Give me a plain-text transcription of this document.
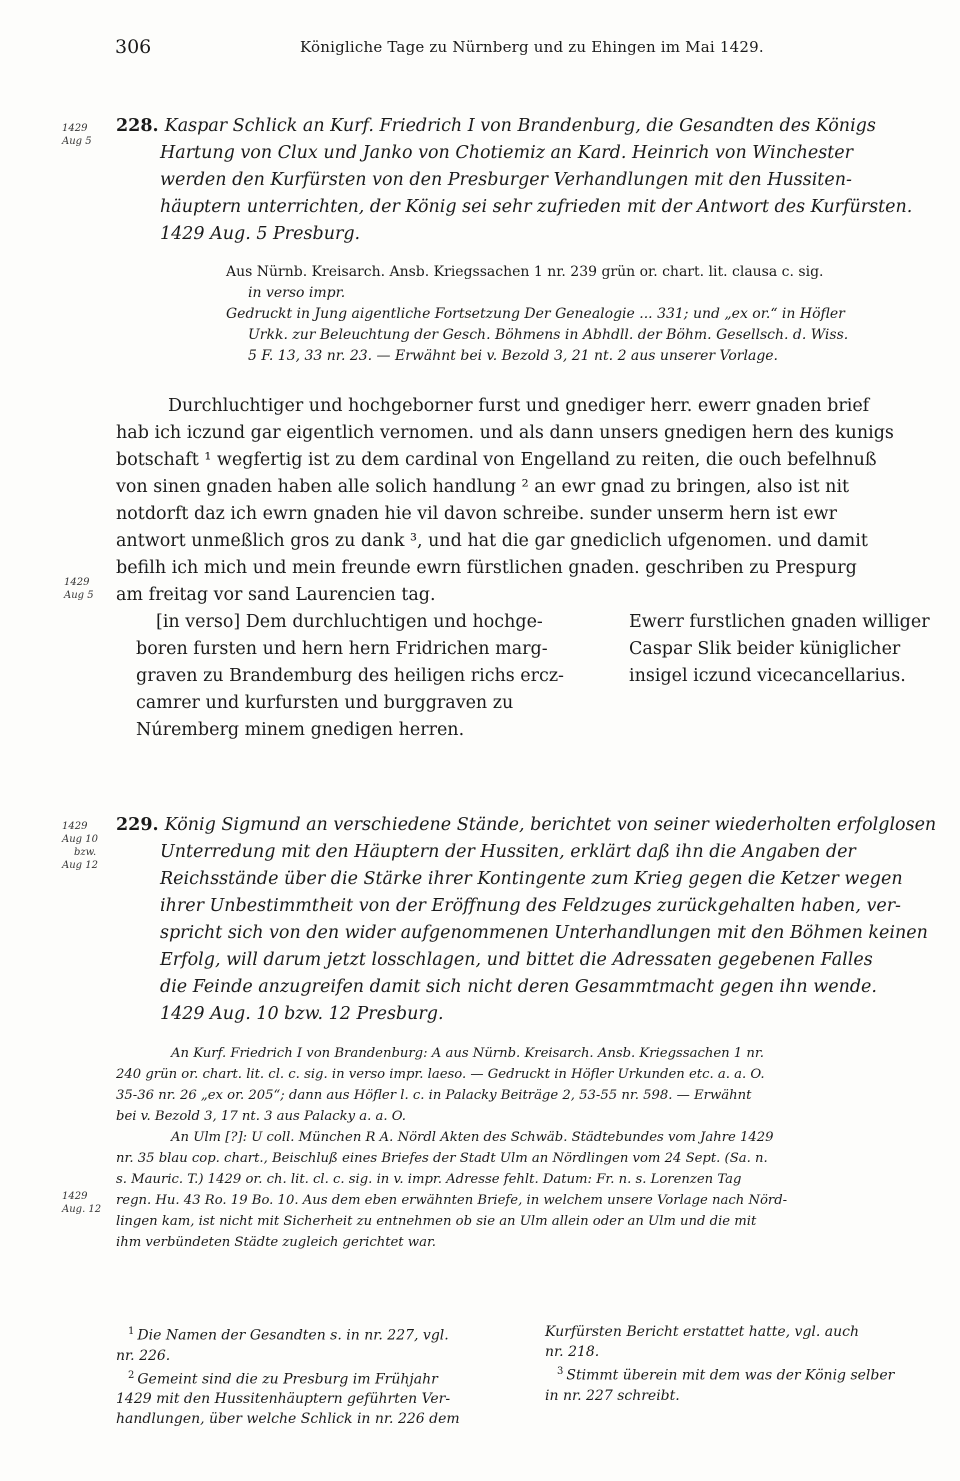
306	Königliche Tage zu Nürnberg und zu Ehingen im Mai 1429.
1429
Aug 5
228. Kaspar Schlick an Kurf. Friedrich I von Brandenburg, die Gesandten des Königs
Hartung von Clux und Janko von Chotiemiz an Kard. Heinrich von Winchester
werden den Kurfürsten von den Presburger Verhandlungen mit den Hussiten-
häuptern unterrichten, der König sei sehr zufrieden mit der Antwort des Kurfürsten.
1429 Aug. 5 Presburg.
Aus Nürnb. Kreisarch. Ansb. Kriegssachen 1 nr. 239 grün or. chart. lit. clausa c. sig.
in verso impr.
Gedruckt in Jung aigentliche Fortsetzung Der Genealogie ... 331; und „ex or.“ in Höfler
Urkk. zur Beleuchtung der Gesch. Böhmens in Abhdll. der Böhm. Gesellsch. d. Wiss.
5 F. 13, 33 nr. 23. — Erwähnt bei v. Bezold 3, 21 nt. 2 aus unserer Vorlage.
Durchluchtiger und hochgeborner furst und gnediger herr. ewerr gnaden brief
hab ich iczund gar eigentlich vernomen. und als dann unsers gnedigen hern des kunigs
botschaft ¹ wegfertig ist zu dem cardinal von Engelland zu reiten, die ouch befelhnuß
von sinen gnaden haben alle solich handlung ² an ewr gnad zu bringen, also ist nit
notdorft daz ich ewrn gnaden hie vil davon schreibe. sunder unserm hern ist ewr
antwort unmeßlich gros zu dank ³, und hat die gar gnediclich ufgenomen. und damit
befilh ich mich und mein freunde ewrn fürstlichen gnaden. geschriben zu Prespurg
am freitag vor sand Laurencien tag.
1429
Aug 5
[in verso] Dem durchluchtigen und hochge-
boren fursten und hern hern Fridrichen marg-
graven zu Brandemburg des heiligen richs ercz-
camrer und kurfursten und burggraven zu
Núremberg minem gnedigen herren.
Ewerr furstlichen gnaden williger
Caspar Slik beider küniglicher
insigel iczund vicecancellarius.
1429
Aug 10
bzw.
Aug 12
229. König Sigmund an verschiedene Stände, berichtet von seiner wiederholten erfolglosen
Unterredung mit den Häuptern der Hussiten, erklärt daß ihn die Angaben der
Reichsstände über die Stärke ihrer Kontingente zum Krieg gegen die Ketzer wegen
ihrer Unbestimmtheit von der Eröffnung des Feldzuges zurückgehalten haben, ver-
spricht sich von den wider aufgenommenen Unterhandlungen mit den Böhmen keinen
Erfolg, will darum jetzt losschlagen, und bittet die Adressaten gegebenen Falles
die Feinde anzugreifen damit sich nicht deren Gesammtmacht gegen ihn wende.
1429 Aug. 10 bzw. 12 Presburg.
An Kurf. Friedrich I von Brandenburg: A aus Nürnb. Kreisarch. Ansb. Kriegssachen 1 nr.
240 grün or. chart. lit. cl. c. sig. in verso impr. laeso. — Gedruckt in Höfler Urkunden etc. a. a. O.
35-36 nr. 26 „ex or. 205“; dann aus Höfler l. c. in Palacky Beiträge 2, 53-55 nr. 598. — Erwähnt
bei v. Bezold 3, 17 nt. 3 aus Palacky a. a. O.
An Ulm [?]: U coll. München R A. Nördl Akten des Schwäb. Städtebundes vom Jahre 1429
nr. 35 blau cop. chart., Beischluß eines Briefes der Stadt Ulm an Nördlingen vom 24 Sept. (Sa. n.
s. Mauric. T.) 1429 or. ch. lit. cl. c. sig. in v. impr. Adresse fehlt. Datum: Fr. n. s. Lorenzen Tag
regn. Hu. 43 Ro. 19 Bo. 10. Aus dem eben erwähnten Briefe, in welchem unsere Vorlage nach Nörd-
lingen kam, ist nicht mit Sicherheit zu entnehmen ob sie an Ulm allein oder an Ulm und die mit
ihm verbündeten Städte zugleich gerichtet war.
1429
Aug. 12
$^1$ Die Namen der Gesandten s. in nr. 227, vgl.
nr. 226.
$^2$ Gemeint sind die zu Presburg im Frühjahr
1429 mit den Hussitenhäuptern geführten Ver-
handlungen, über welche Schlick in nr. 226 dem
Kurfürsten Bericht erstattet hatte, vgl. auch
nr. 218.
$^3$ Stimmt überein mit dem was der König selber
in nr. 227 schreibt.
